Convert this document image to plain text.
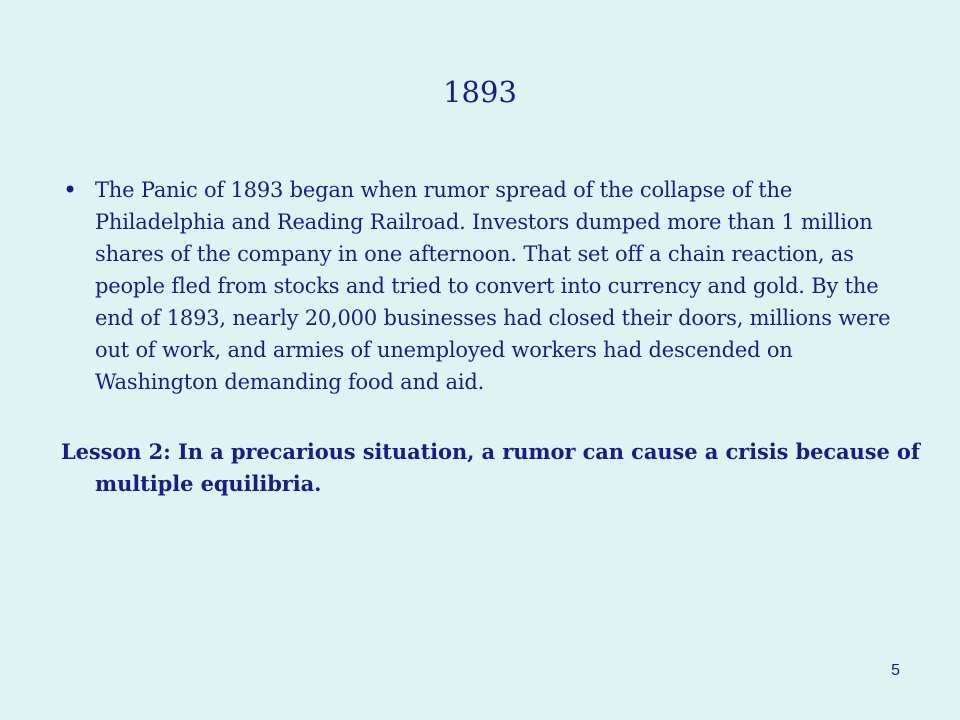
1893
• The Panic of 1893 began when rumor spread of the collapse of the Philadelphia and Reading Railroad. Investors dumped more than 1 million shares of the company in one afternoon. That set off a chain reaction, as people fled from stocks and tried to convert into currency and gold. By the end of 1893, nearly 20,000 businesses had closed their doors, millions were out of work, and armies of unemployed workers had descended on Washington demanding food and aid.
Lesson 2: In a precarious situation, a rumor can cause a crisis because of multiple equilibria.
5
